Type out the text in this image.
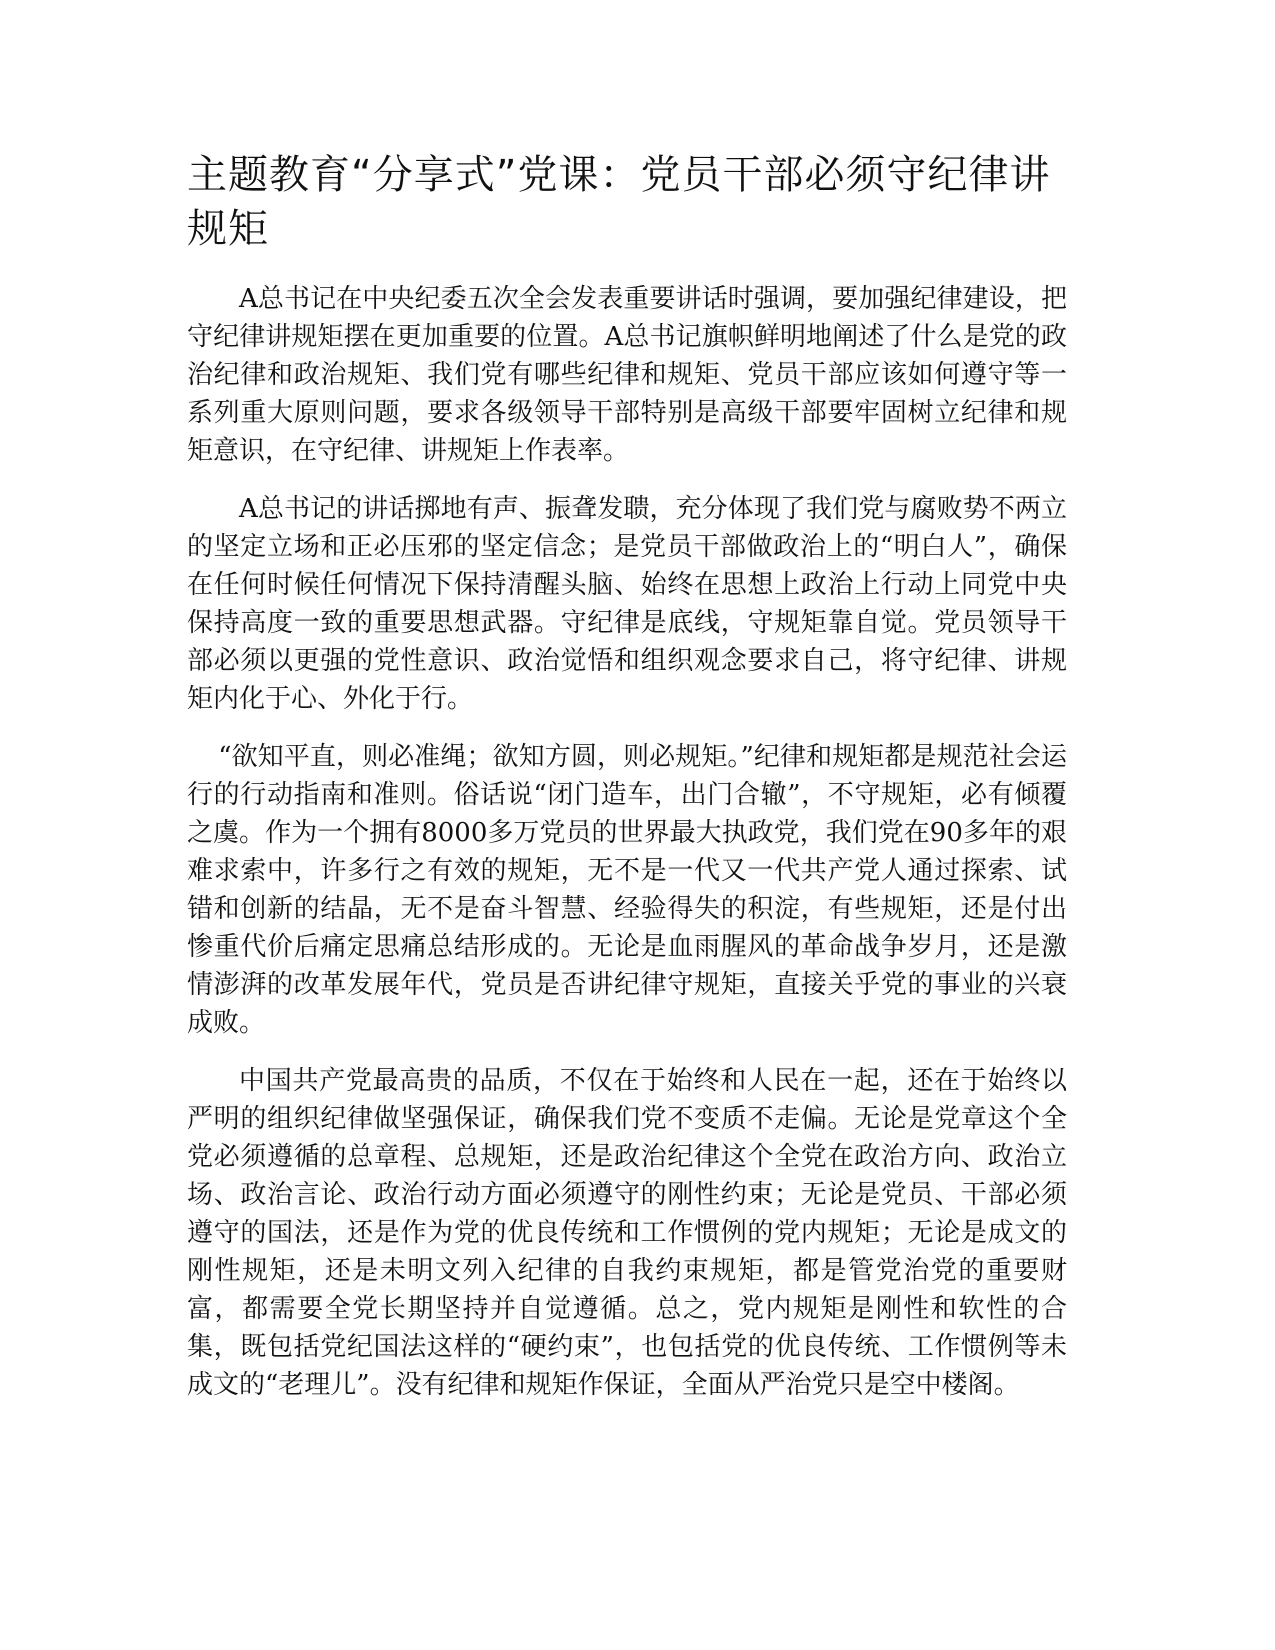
主题教育“分享式”党课：党员干部必须守纪律讲规矩

A总书记在中央纪委五次全会发表重要讲话时强调，要加强纪律建设，把守纪律讲规矩摆在更加重要的位置。A总书记旗帜鲜明地阐述了什么是党的政治纪律和政治规矩、我们党有哪些纪律和规矩、党员干部应该如何遵守等一系列重大原则问题，要求各级领导干部特别是高级干部要牢固树立纪律和规矩意识，在守纪律、讲规矩上作表率。

A总书记的讲话掷地有声、振聋发聩，充分体现了我们党与腐败势不两立的坚定立场和正必压邪的坚定信念；是党员干部做政治上的“明白人”，确保在任何时候任何情况下保持清醒头脑、始终在思想上政治上行动上同党中央保持高度一致的重要思想武器。守纪律是底线，守规矩靠自觉。党员领导干部必须以更强的党性意识、政治觉悟和组织观念要求自己，将守纪律、讲规矩内化于心、外化于行。

“欲知平直，则必准绳；欲知方圆，则必规矩。”纪律和规矩都是规范社会运行的行动指南和准则。俗话说“闭门造车，出门合辙”，不守规矩，必有倾覆之虞。作为一个拥有8000多万党员的世界最大执政党，我们党在90多年的艰难求索中，许多行之有效的规矩，无不是一代又一代共产党人通过探索、试错和创新的结晶，无不是奋斗智慧、经验得失的积淀，有些规矩，还是付出惨重代价后痛定思痛总结形成的。无论是血雨腥风的革命战争岁月，还是激情澎湃的改革发展年代，党员是否讲纪律守规矩，直接关乎党的事业的兴衰成败。

中国共产党最高贵的品质，不仅在于始终和人民在一起，还在于始终以严明的组织纪律做坚强保证，确保我们党不变质不走偏。无论是党章这个全党必须遵循的总章程、总规矩，还是政治纪律这个全党在政治方向、政治立场、政治言论、政治行动方面必须遵守的刚性约束；无论是党员、干部必须遵守的国法，还是作为党的优良传统和工作惯例的党内规矩；无论是成文的刚性规矩，还是未明文列入纪律的自我约束规矩，都是管党治党的重要财富，都需要全党长期坚持并自觉遵循。总之，党内规矩是刚性和软性的合集，既包括党纪国法这样的“硬约束”，也包括党的优良传统、工作惯例等未成文的“老理儿”。没有纪律和规矩作保证，全面从严治党只是空中楼阁。
